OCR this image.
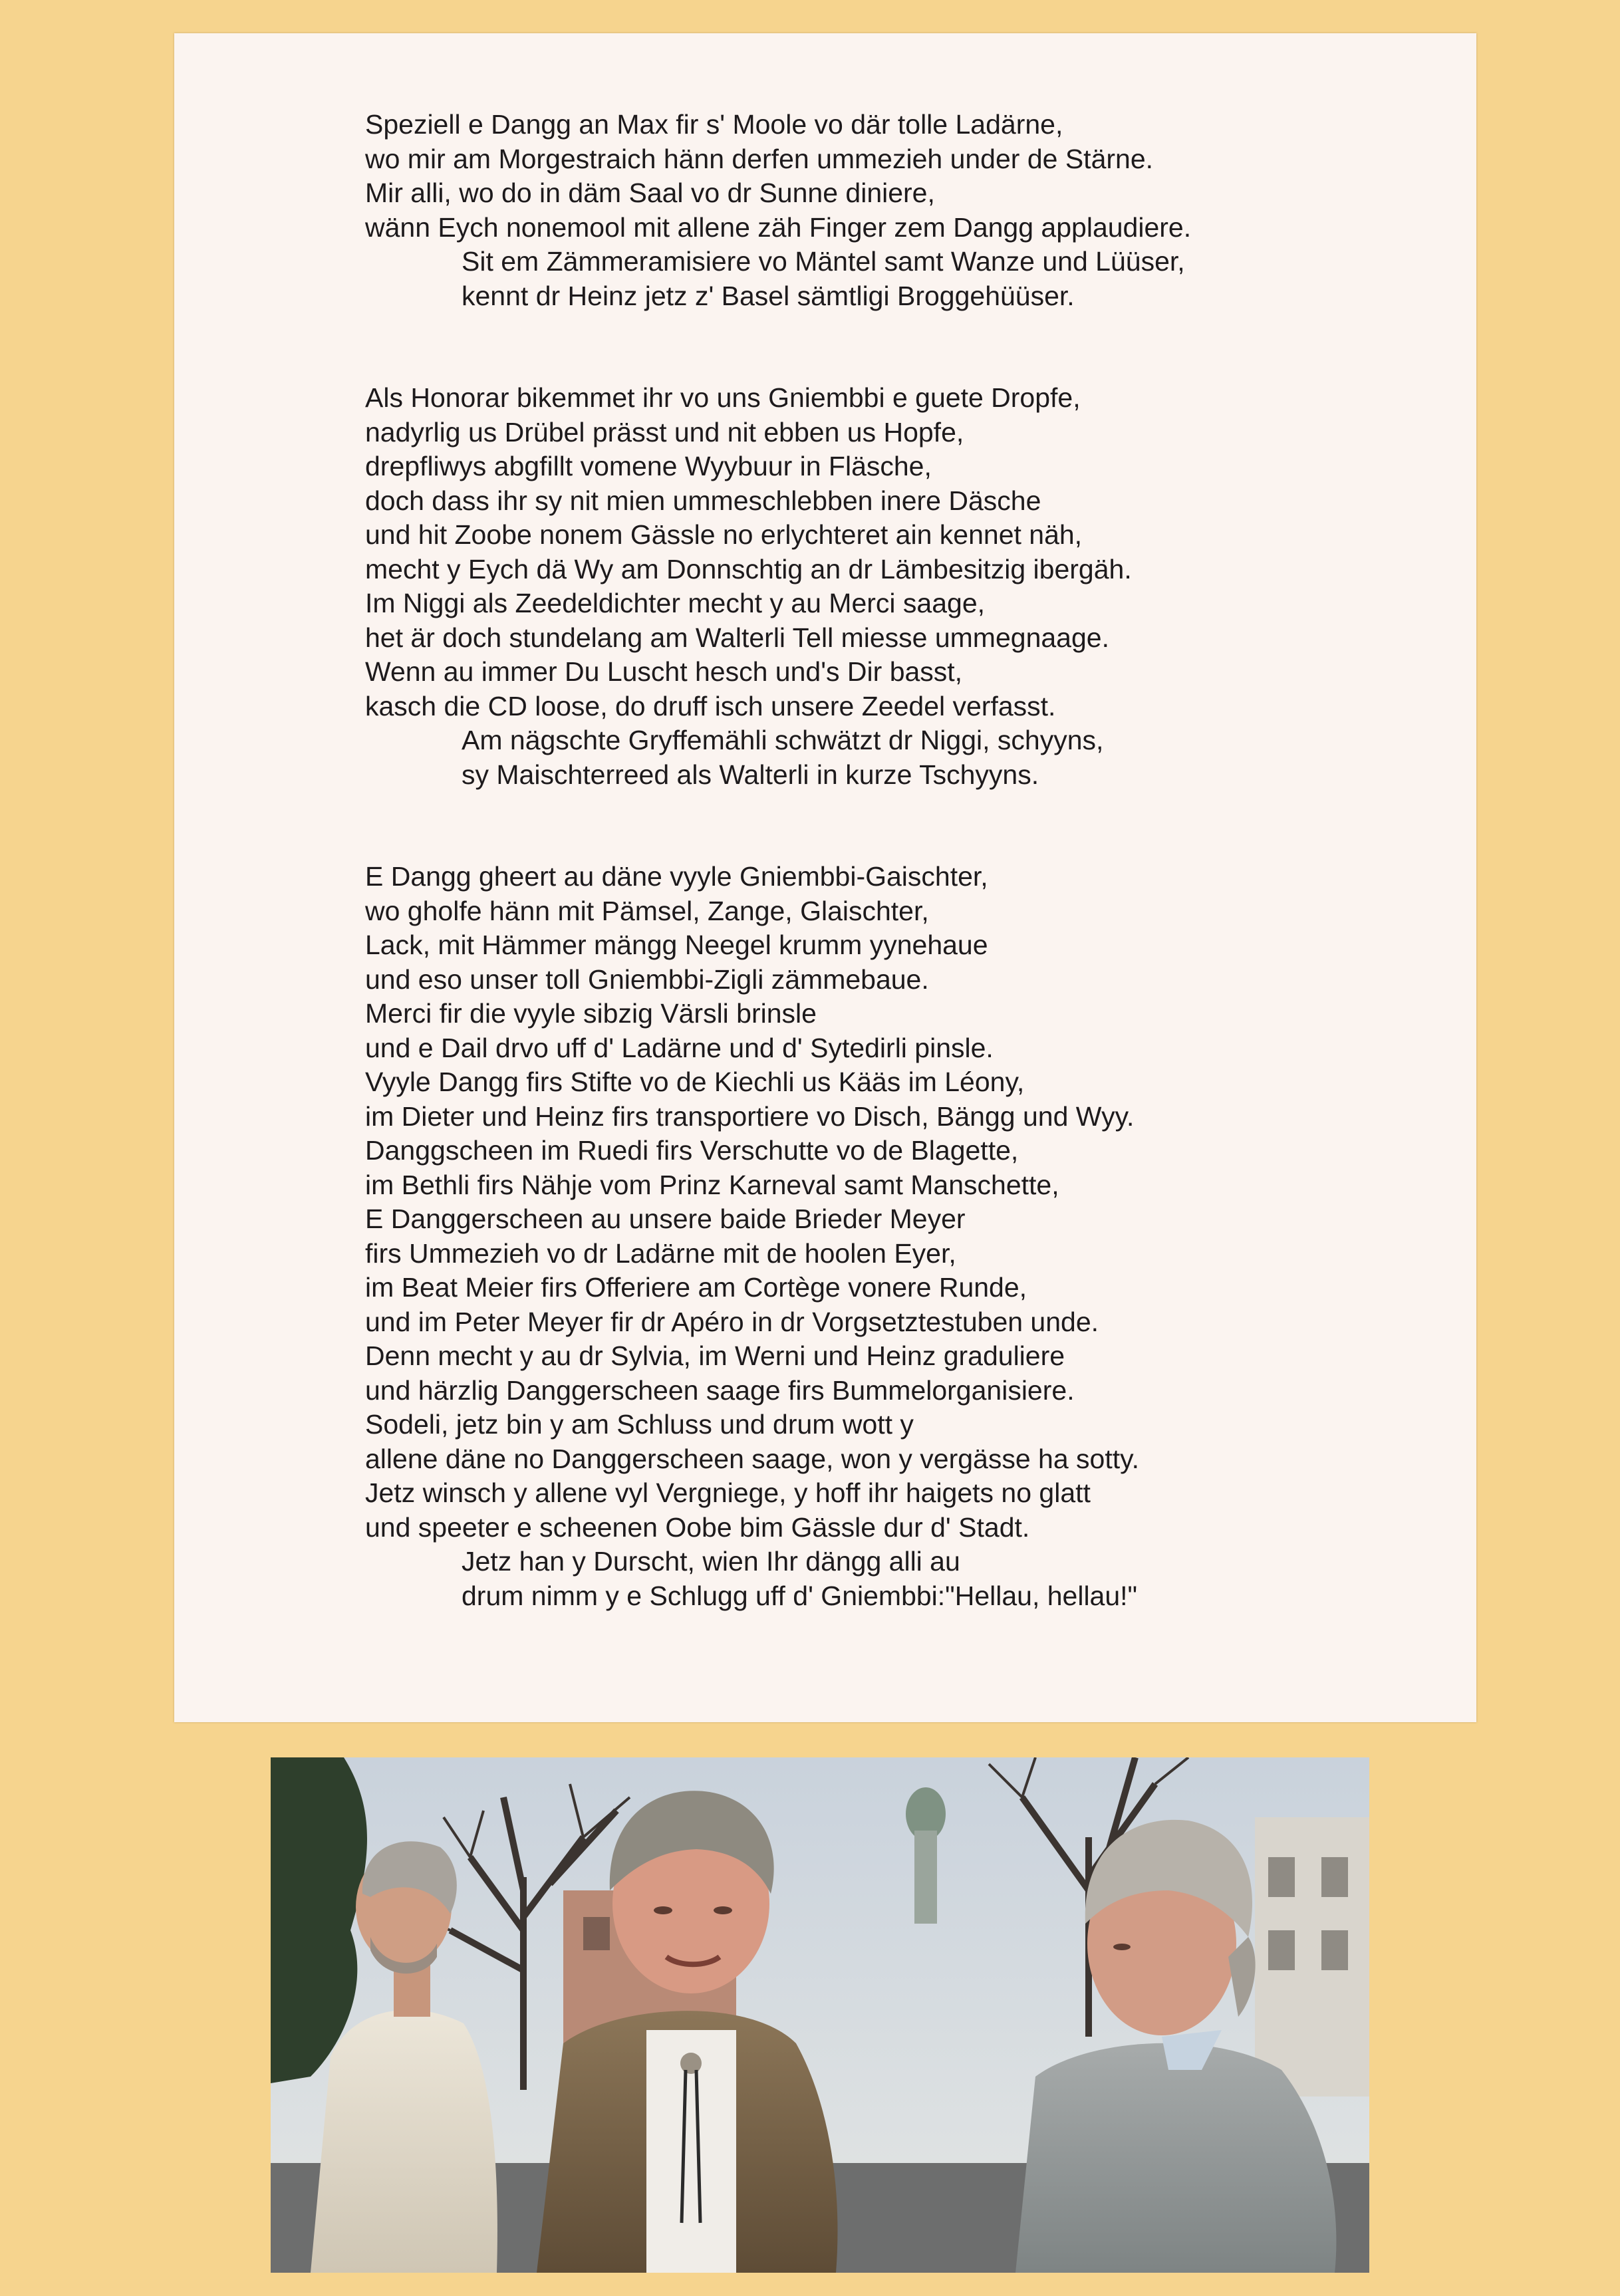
Speziell e Dangg an Max fir s' Moole vo där tolle Ladärne,
wo mir am Morgestraich hänn derfen ummezieh under de Stärne.
Mir alli, wo do in däm Saal vo dr Sunne diniere,
wänn Eych nonemool mit allene zäh Finger zem Dangg applaudiere.
Sit em Zämmeramisiere vo Mäntel samt Wanze und Lüüser,
kennt dr Heinz jetz z' Basel sämtligi Broggehüüser.
Als Honorar bikemmet ihr vo uns Gniembbi e guete Dropfe,
nadyrlig us Drübel prässt und nit ebben us Hopfe,
drepfliwys abgfillt vomene Wyybuur in Fläsche,
doch dass ihr sy nit mien ummeschlebben inere Däsche
und hit Zoobe nonem Gässle no erlychteret ain kennet näh,
mecht y Eych dä Wy am Donnschtig an dr Lämbesitzig ibergäh.
Im Niggi als Zeedeldichter mecht y au Merci saage,
het är doch stundelang am Walterli Tell miesse ummegnaage.
Wenn au immer Du Luscht hesch und's Dir basst,
kasch die CD loose, do druff isch unsere Zeedel verfasst.
Am nägschte Gryffemähli schwätzt dr Niggi, schyyns,
sy Maischterreed als Walterli in kurze Tschyyns.
E Dangg gheert au däne vyyle Gniembbi-Gaischter,
wo gholfe hänn mit Pämsel, Zange, Glaischter,
Lack, mit Hämmer mängg Neegel krumm yynehaue
und eso unser toll Gniembbi-Zigli zämmebaue.
Merci fir die vyyle sibzig Värsli brinsle
und e Dail drvo uff d' Ladärne und d' Sytedirli pinsle.
Vyyle Dangg firs Stifte vo de Kiechli us Kääs im Léony,
im Dieter und Heinz firs transportiere vo Disch, Bängg und Wyy.
Danggscheen im Ruedi firs Verschutte vo de Blagette,
im Bethli firs Nähje vom Prinz Karneval samt Manschette,
E Danggerscheen au unsere baide Brieder Meyer
firs Ummezieh vo dr Ladärne mit de hoolen Eyer,
im Beat Meier firs Offeriere am Cortège vonere Runde,
und im Peter Meyer fir dr Apéro in dr Vorgsetztestuben unde.
Denn mecht y au dr Sylvia, im Werni und Heinz graduliere
und härzlig Danggerscheen saage firs Bummelorganisiere.
Sodeli, jetz bin y am Schluss und drum wott y
allene däne no Danggerscheen saage, won y vergässe ha sotty.
Jetz winsch y allene vyl Vergniege, y hoff ihr haigets no glatt
und speeter e scheenen Oobe bim Gässle dur d' Stadt.
Jetz han y Durscht, wien Ihr dängg alli au
drum nimm y e Schlugg uff d' Gniembbi:"Hellau, hellau!"
